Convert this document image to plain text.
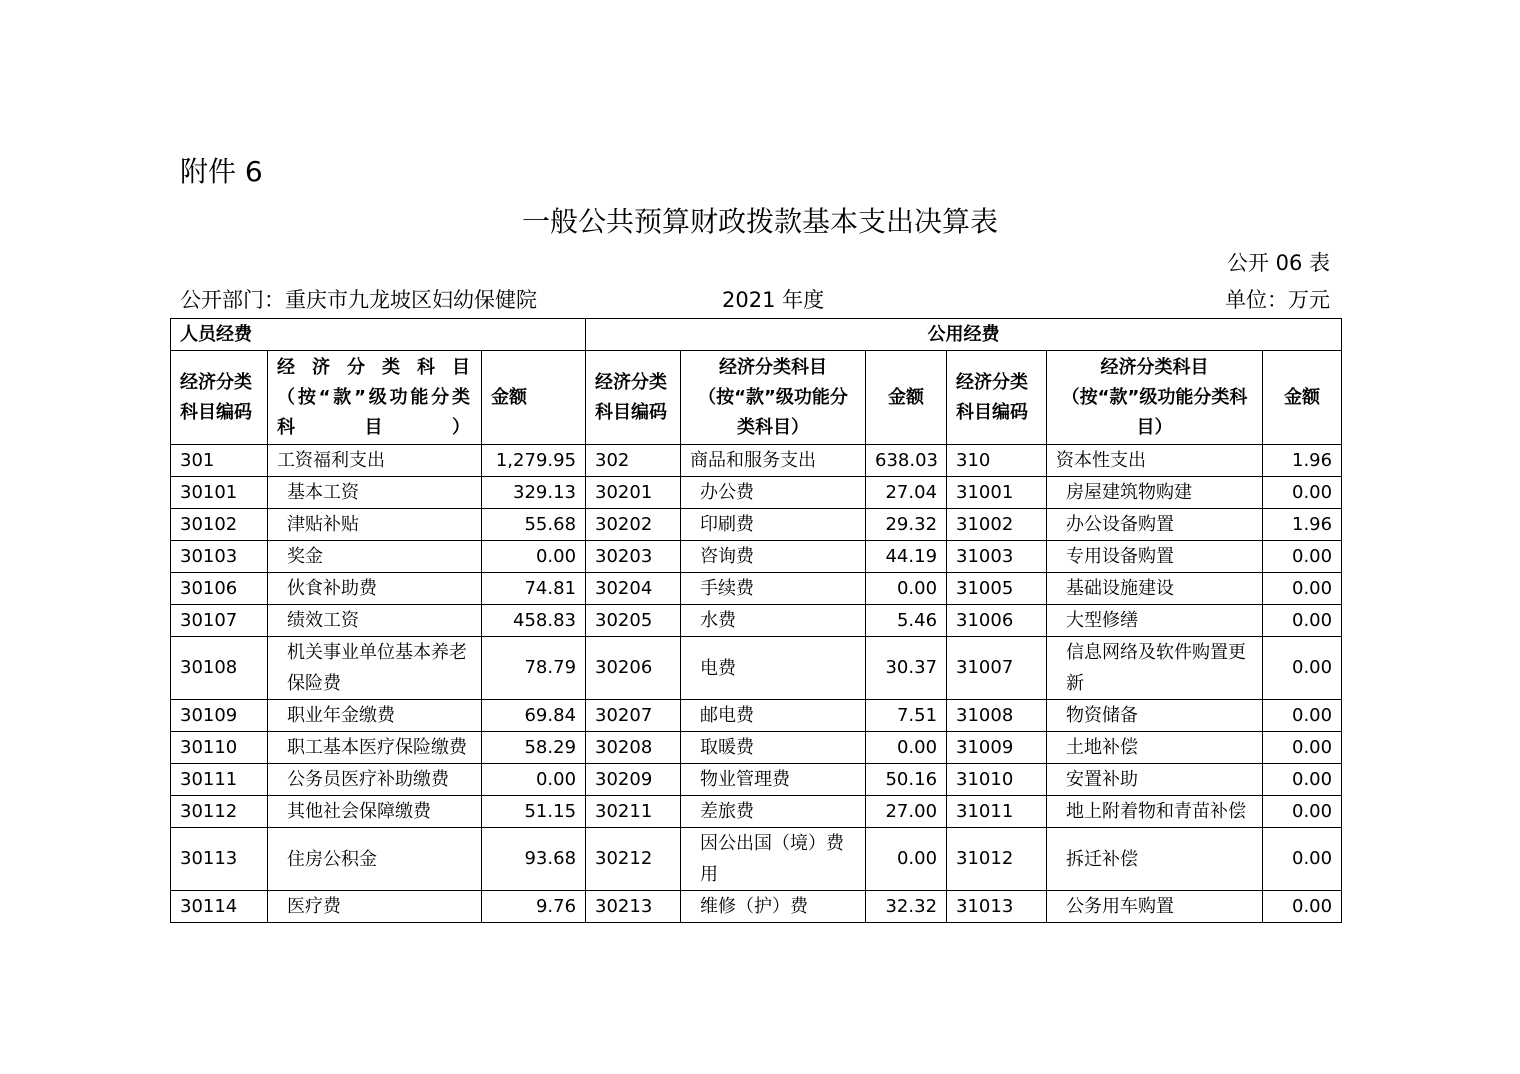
附件 6
一般公共预算财政拨款基本支出决算表
公开 06 表
公开部门：重庆市九龙坡区妇幼保健院	2021 年度	单位：万元
人员经费			公用经费					
经济分类科目编码	经济分类科目（按“款”级功能分类科目）	金额	经济分类科目编码	经济分类科目（按“款”级功能分类科目）	金额	经济分类科目编码	经济分类科目（按“款”级功能分类科目）	金额
301	工资福利支出	1,279.95	302	商品和服务支出	638.03	310	资本性支出	1.96
30101	基本工资	329.13	30201	办公费	27.04	31001	房屋建筑物购建	0.00
30102	津贴补贴	55.68	30202	印刷费	29.32	31002	办公设备购置	1.96
30103	奖金	0.00	30203	咨询费	44.19	31003	专用设备购置	0.00
30106	伙食补助费	74.81	30204	手续费	0.00	31005	基础设施建设	0.00
30107	绩效工资	458.83	30205	水费	5.46	31006	大型修缮	0.00
30108	机关事业单位基本养老保险费	78.79	30206	电费	30.37	31007	信息网络及软件购置更新	0.00
30109	职业年金缴费	69.84	30207	邮电费	7.51	31008	物资储备	0.00
30110	职工基本医疗保险缴费	58.29	30208	取暖费	0.00	31009	土地补偿	0.00
30111	公务员医疗补助缴费	0.00	30209	物业管理费	50.16	31010	安置补助	0.00
30112	其他社会保障缴费	51.15	30211	差旅费	27.00	31011	地上附着物和青苗补偿	0.00
30113	住房公积金	93.68	30212	因公出国（境）费用	0.00	31012	拆迁补偿	0.00
30114	医疗费	9.76	30213	维修（护）费	32.32	31013	公务用车购置	0.00
